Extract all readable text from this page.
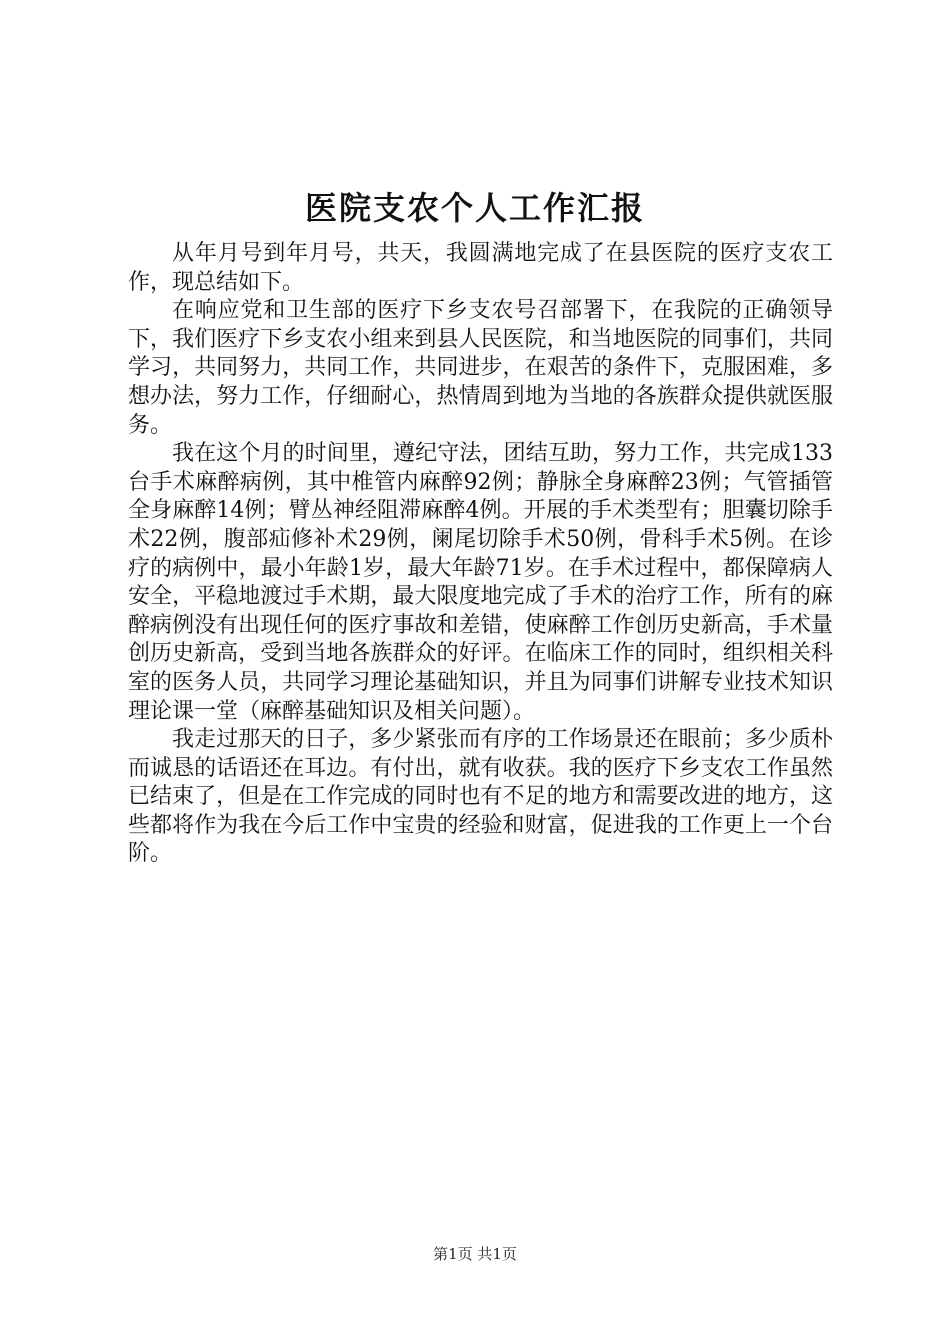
医院支农个人工作汇报

从年月号到年月号，共天，我圆满地完成了在县医院的医疗支农工作，现总结如下。

在响应党和卫生部的医疗下乡支农号召部署下，在我院的正确领导下，我们医疗下乡支农小组来到县人民医院，和当地医院的同事们，共同学习，共同努力，共同工作，共同进步，在艰苦的条件下，克服困难，多想办法，努力工作，仔细耐心，热情周到地为当地的各族群众提供就医服务。

我在这个月的时间里，遵纪守法，团结互助，努力工作，共完成133台手术麻醉病例，其中椎管内麻醉92例；静脉全身麻醉23例；气管插管全身麻醉14例；臂丛神经阻滞麻醉4例。开展的手术类型有；胆囊切除手术22例，腹部疝修补术29例，阑尾切除手术50例，骨科手术5例。在诊疗的病例中，最小年龄1岁，最大年龄71岁。在手术过程中，都保障病人安全，平稳地渡过手术期，最大限度地完成了手术的治疗工作，所有的麻醉病例没有出现任何的医疗事故和差错，使麻醉工作创历史新高，手术量创历史新高，受到当地各族群众的好评。在临床工作的同时，组织相关科室的医务人员，共同学习理论基础知识，并且为同事们讲解专业技术知识理论课一堂（麻醉基础知识及相关问题）。

我走过那天的日子，多少紧张而有序的工作场景还在眼前；多少质朴而诚恳的话语还在耳边。有付出，就有收获。我的医疗下乡支农工作虽然已结束了，但是在工作完成的同时也有不足的地方和需要改进的地方，这些都将作为我在今后工作中宝贵的经验和财富，促进我的工作更上一个台阶。

第1页 共1页
